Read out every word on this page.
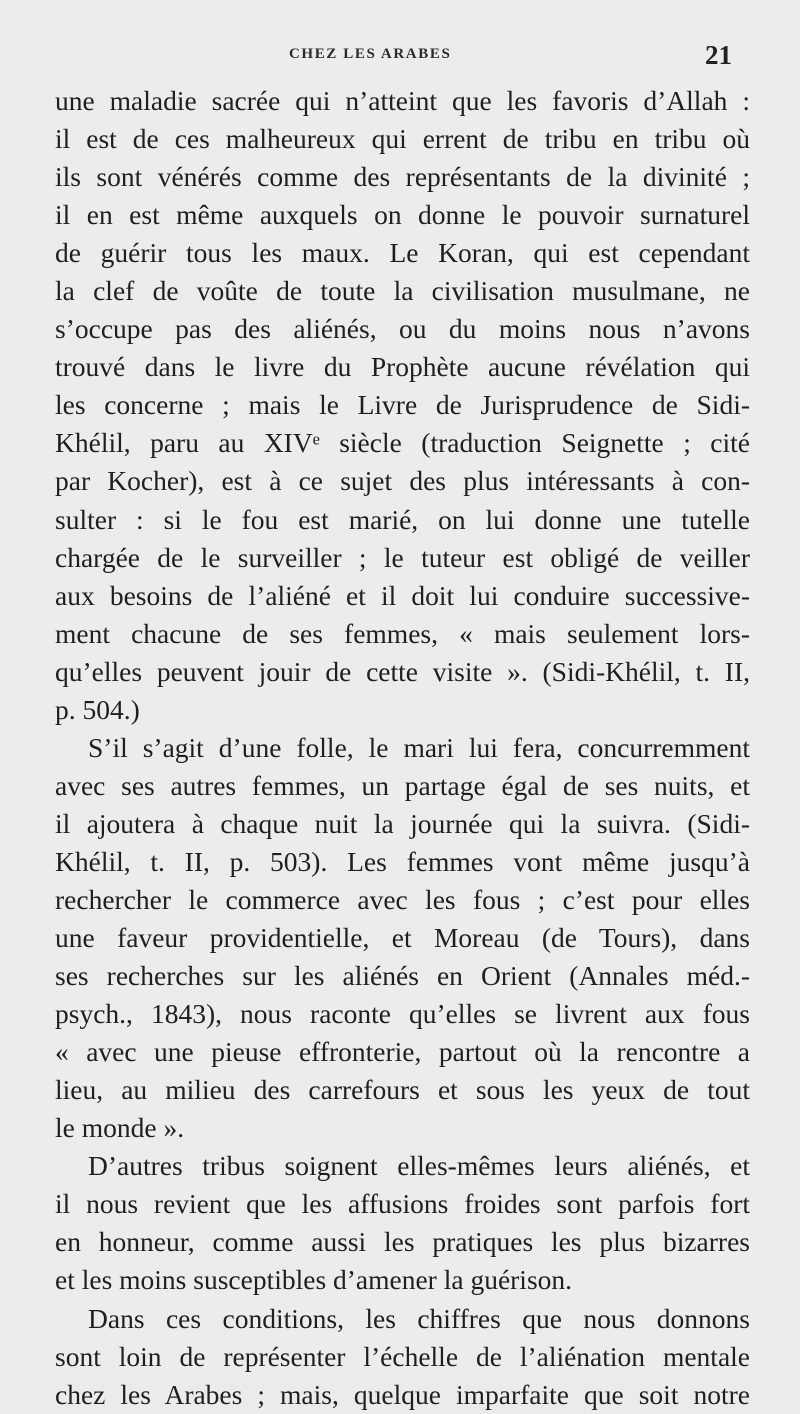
CHEZ LES ARABES	21
une maladie sacrée qui n’atteint que les favoris d’Allah :
il est de ces malheureux qui errent de tribu en tribu où
ils sont vénérés comme des représentants de la divinité ;
il en est même auxquels on donne le pouvoir surnaturel
de guérir tous les maux. Le Koran, qui est cependant
la clef de voûte de toute la civilisation musulmane, ne
s’occupe pas des aliénés, ou du moins nous n’avons
trouvé dans le livre du Prophète aucune révélation qui
les concerne ; mais le Livre de Jurisprudence de Sidi-
Khélil, paru au XIVᵉ siècle (traduction Seignette ; cité
par Kocher), est à ce sujet des plus intéressants à con-
sulter : si le fou est marié, on lui donne une tutelle
chargée de le surveiller ; le tuteur est obligé de veiller
aux besoins de l’aliéné et il doit lui conduire successive-
ment chacune de ses femmes, « mais seulement lors-
qu’elles peuvent jouir de cette visite ». (Sidi-Khélil, t. II,
p. 504.)
S’il s’agit d’une folle, le mari lui fera, concurremment
avec ses autres femmes, un partage égal de ses nuits, et
il ajoutera à chaque nuit la journée qui la suivra. (Sidi-
Khélil, t. II, p. 503). Les femmes vont même jusqu’à
rechercher le commerce avec les fous ; c’est pour elles
une faveur providentielle, et Moreau (de Tours), dans
ses recherches sur les aliénés en Orient (Annales méd.-
psych., 1843), nous raconte qu’elles se livrent aux fous
« avec une pieuse effronterie, partout où la rencontre a
lieu, au milieu des carrefours et sous les yeux de tout
le monde ».
D’autres tribus soignent elles-mêmes leurs aliénés, et
il nous revient que les affusions froides sont parfois fort
en honneur, comme aussi les pratiques les plus bizarres
et les moins susceptibles d’amener la guérison.
Dans ces conditions, les chiffres que nous donnons
sont loin de représenter l’échelle de l’aliénation mentale
chez les Arabes ; mais, quelque imparfaite que soit notre
